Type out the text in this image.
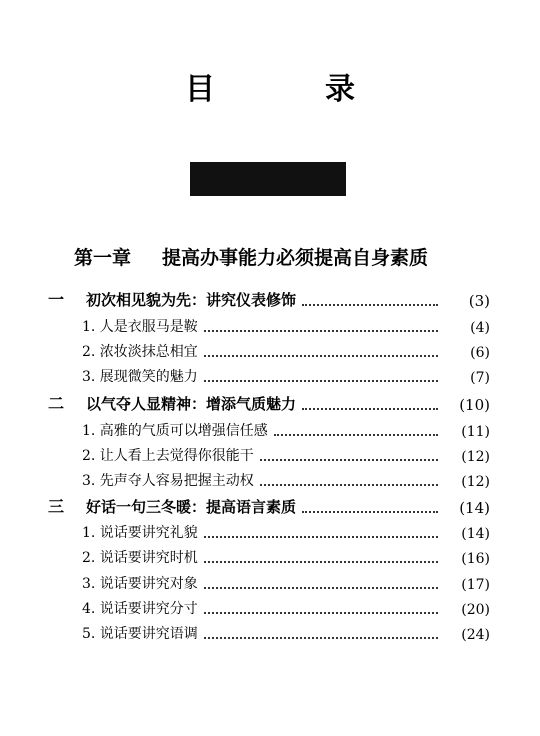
目　录
第一章 提高办事能力必须提高自身素质
一	初次相见貌为先：讲究仪表修饰	(3)
1. 人是衣服马是鞍	(4)
2. 浓妆淡抹总相宜	(6)
3. 展现微笑的魅力	(7)
二	以气夺人显精神：增添气质魅力	(10)
1. 高雅的气质可以增强信任感	(11)
2. 让人看上去觉得你很能干	(12)
3. 先声夺人容易把握主动权	(12)
三	好话一句三冬暖：提高语言素质	(14)
1. 说话要讲究礼貌	(14)
2. 说话要讲究时机	(16)
3. 说话要讲究对象	(17)
4. 说话要讲究分寸	(20)
5. 说话要讲究语调	(24)
